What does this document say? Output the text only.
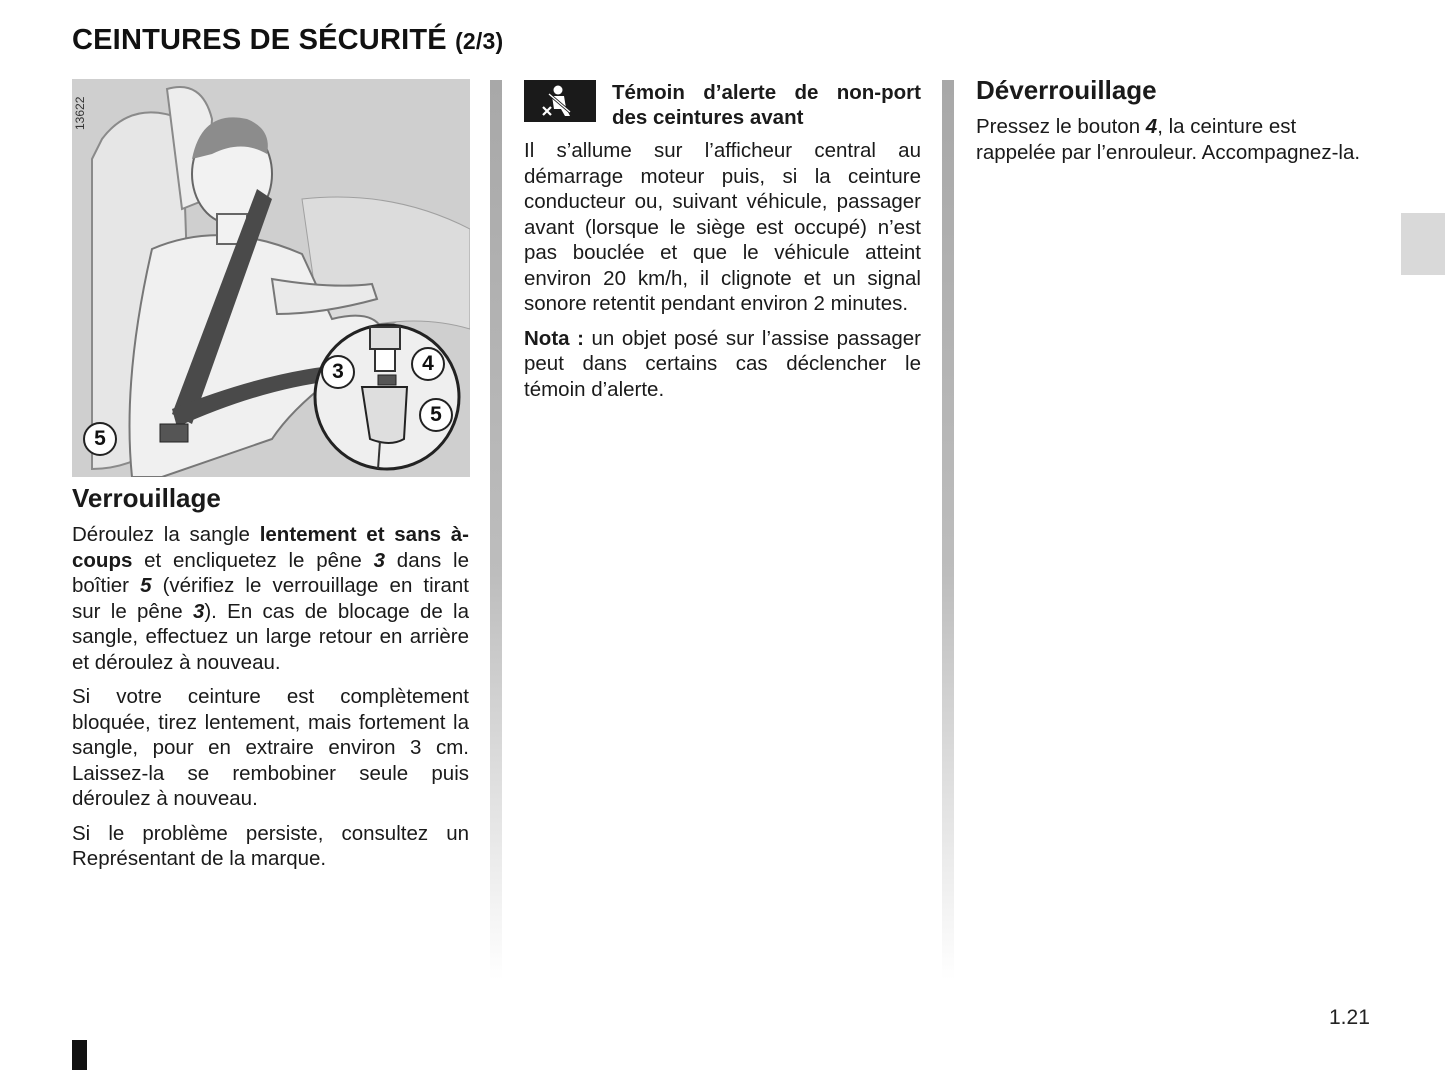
CEINTURES DE SÉCURITÉ (2/3)
3	4
5
5
13622
Verrouillage

Déroulez la sangle lentement et sans à-coups et encliquetez le pêne 3 dans le boîtier 5 (vérifiez le verrouillage en tirant sur le pêne 3). En cas de blocage de la sangle, effectuez un large retour en arrière et déroulez à nouveau.

Si votre ceinture est complètement bloquée, tirez lentement, mais fortement la sangle, pour en extraire environ 3 cm. Laissez-la se rembobiner seule puis déroulez à nouveau.

Si le problème persiste, consultez un Représentant de la marque.

Témoin d’alerte de non-port des ceintures avant

Il s’allume sur l’afficheur central au démarrage moteur puis, si la ceinture conducteur ou, suivant véhicule, passager avant (lorsque le siège est occupé) n’est pas bouclée et que le véhicule atteint environ 20 km/h, il clignote et un signal sonore retentit pendant environ 2 minutes.

Nota : un objet posé sur l’assise passager peut dans certains cas déclencher le témoin d’alerte.

Déverrouillage

Pressez le bouton 4, la ceinture est rappelée par l’enrouleur. Accompagnez-la.

1.21
